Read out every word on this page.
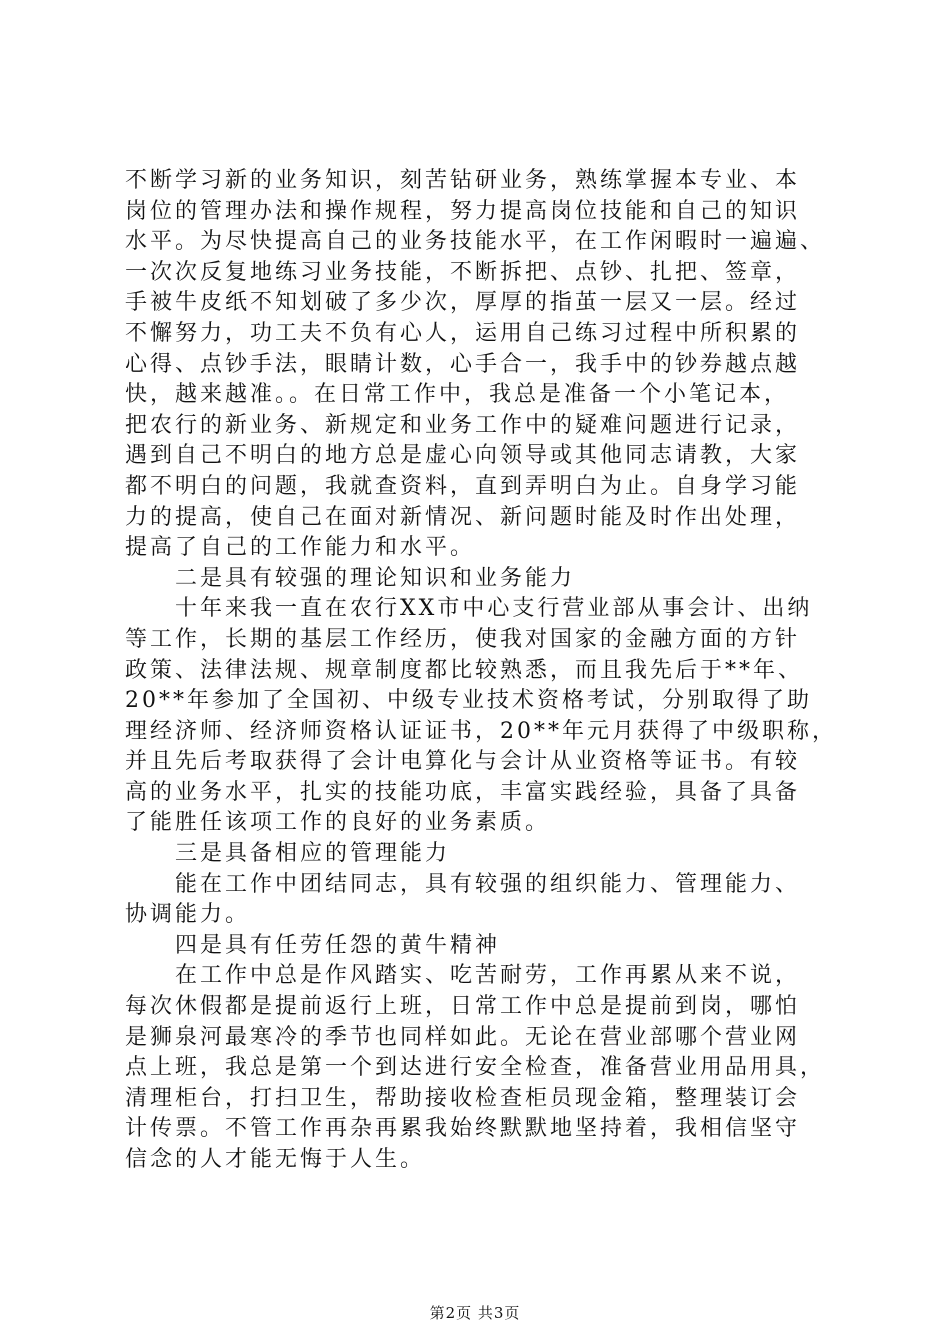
不断学习新的业务知识，刻苦钻研业务，熟练掌握本专业、本
岗位的管理办法和操作规程，努力提高岗位技能和自己的知识
水平。为尽快提高自己的业务技能水平，在工作闲暇时一遍遍、
一次次反复地练习业务技能，不断拆把、点钞、扎把、签章，
手被牛皮纸不知划破了多少次，厚厚的指茧一层又一层。经过
不懈努力，功工夫不负有心人，运用自己练习过程中所积累的
心得、点钞手法，眼睛计数，心手合一，我手中的钞券越点越
快，越来越准。。在日常工作中，我总是准备一个小笔记本，
把农行的新业务、新规定和业务工作中的疑难问题进行记录，
遇到自己不明白的地方总是虚心向领导或其他同志请教，大家
都不明白的问题，我就查资料，直到弄明白为止。自身学习能
力的提高，使自己在面对新情况、新问题时能及时作出处理，
提高了自己的工作能力和水平。
二是具有较强的理论知识和业务能力
十年来我一直在农行XX市中心支行营业部从事会计、出纳
等工作，长期的基层工作经历，使我对国家的金融方面的方针
政策、法律法规、规章制度都比较熟悉，而且我先后于**年、
20**年参加了全国初、中级专业技术资格考试，分别取得了助
理经济师、经济师资格认证证书，20**年元月获得了中级职称，
并且先后考取获得了会计电算化与会计从业资格等证书。有较
高的业务水平，扎实的技能功底，丰富实践经验，具备了具备
了能胜任该项工作的良好的业务素质。
三是具备相应的管理能力
能在工作中团结同志，具有较强的组织能力、管理能力、
协调能力。
四是具有任劳任怨的黄牛精神
在工作中总是作风踏实、吃苦耐劳，工作再累从来不说，
每次休假都是提前返行上班，日常工作中总是提前到岗，哪怕
是狮泉河最寒冷的季节也同样如此。无论在营业部哪个营业网
点上班，我总是第一个到达进行安全检查，准备营业用品用具，
清理柜台，打扫卫生，帮助接收检查柜员现金箱，整理装订会
计传票。不管工作再杂再累我始终默默地坚持着，我相信坚守
信念的人才能无悔于人生。
第2页 共3页
